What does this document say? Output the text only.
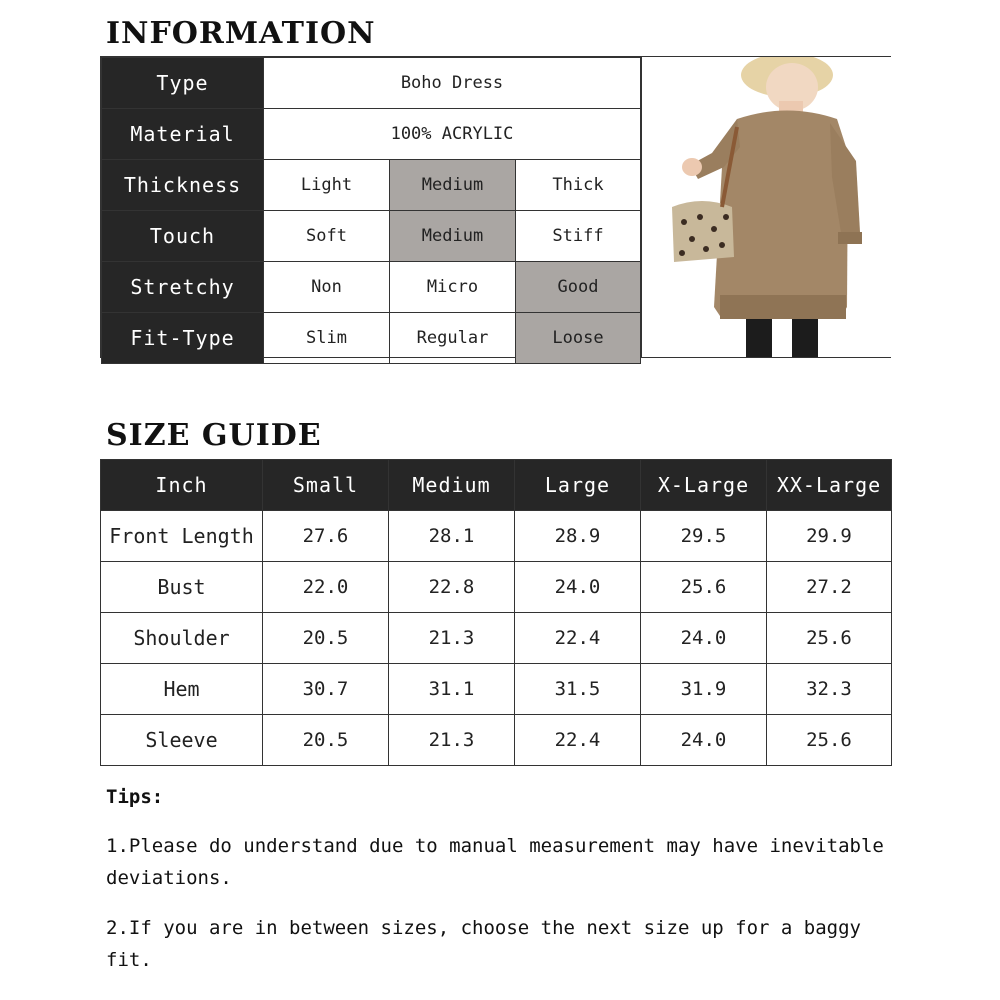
INFORMATION
Type	Boho Dress		
Material	100% ACRYLIC		
Thickness	Light	Medium	Thick
Touch	Soft	Medium	Stiff
Stretchy	Non	Micro	Good
Fit-Type	Slim	Regular	Loose
SIZE GUIDE
Inch	Small	Medium	Large	X-Large	XX-Large
Front Length	27.6	28.1	28.9	29.5	29.9
Bust	22.0	22.8	24.0	25.6	27.2
Shoulder	20.5	21.3	22.4	24.0	25.6
Hem	30.7	31.1	31.5	31.9	32.3
Sleeve	20.5	21.3	22.4	24.0	25.6

Tips:

1.Please do understand due to manual measurement may have inevitable deviations.

2.If you are in between sizes, choose the next size up for a baggy fit.
